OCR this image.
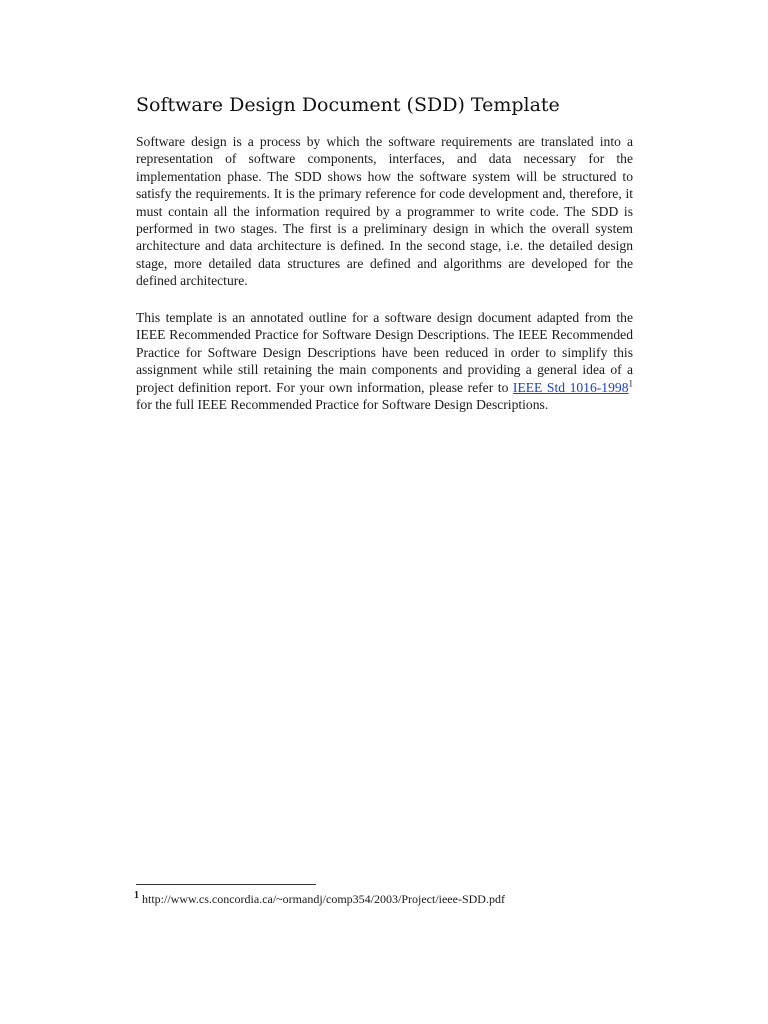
Software Design Document (SDD) Template

Software design is a process by which the software requirements are translated into a representation of software components, interfaces, and data necessary for the implementation phase. The SDD shows how the software system will be structured to satisfy the requirements. It is the primary reference for code development and, therefore, it must contain all the information required by a programmer to write code. The SDD is performed in two stages. The first is a preliminary design in which the overall system architecture and data architecture is defined. In the second stage, i.e. the detailed design stage, more detailed data structures are defined and algorithms are developed for the defined architecture.

This template is an annotated outline for a software design document adapted from the IEEE Recommended Practice for Software Design Descriptions. The IEEE Recommended Practice for Software Design Descriptions have been reduced in order to simplify this assignment while still retaining the main components and providing a general idea of a project definition report. For your own information, please refer to IEEE Std 1016-1998$^1$ for the full IEEE Recommended Practice for Software Design Descriptions.

$^1$ http://www.cs.concordia.ca/~ormandj/comp354/2003/Project/ieee-SDD.pdf
